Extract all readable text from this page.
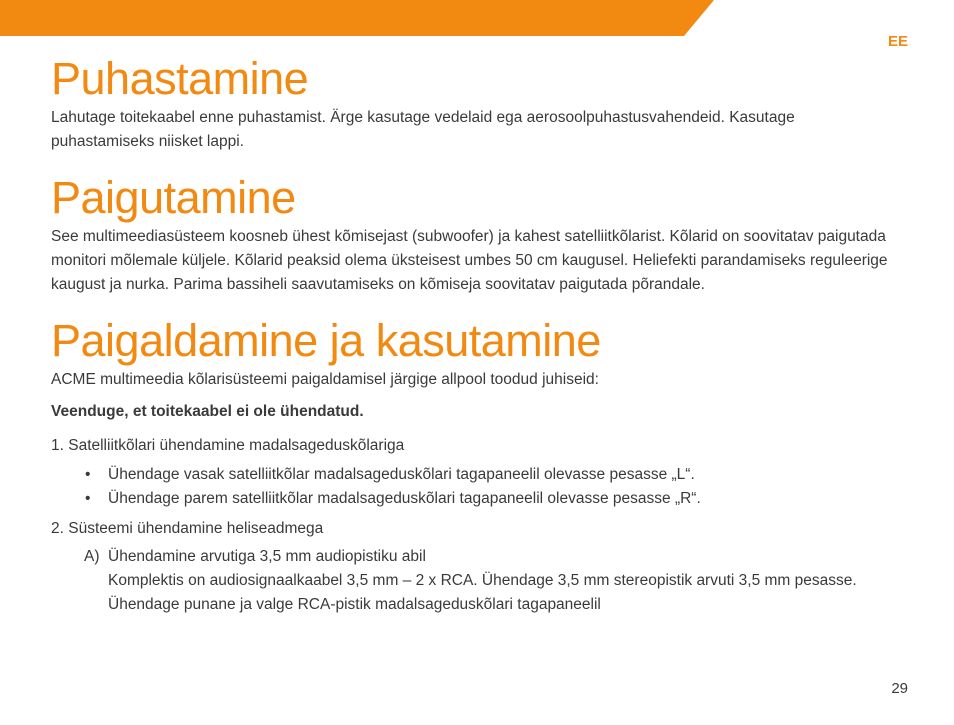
EE
Puhastamine

Lahutage toitekaabel enne puhastamist. Ärge kasutage vedelaid ega aerosoolpuhastusvahendeid. Kasutage puhastamiseks niisket lappi.

Paigutamine

See multimeediasüsteem koosneb ühest kõmisejast (subwoofer) ja kahest satelliitkõlarist. Kõlarid on soovitatav paigutada monitori mõlemale küljele. Kõlarid peaksid olema üksteisest umbes 50 cm kaugusel. Heliefekti parandamiseks reguleerige kaugust ja nurka. Parima bassiheli saavutamiseks on kõmiseja soovitatav paigutada põrandale.

Paigaldamine ja kasutamine

ACME multimeedia kõlarisüsteemi paigaldamisel järgige allpool toodud juhiseid:

Veenduge, et toitekaabel ei ole ühendatud.

1. Satelliitkõlari ühendamine madalsageduskõlariga

• Ühendage vasak satelliitkõlar madalsageduskõlari tagapaneelil olevasse pesasse „L“.
• Ühendage parem satelliitkõlar madalsageduskõlari tagapaneelil olevasse pesasse „R“.

2. Süsteemi ühendamine heliseadmega

A) Ühendamine arvutiga 3,5 mm audiopistiku abil
Komplektis on audiosignaalkaabel 3,5 mm – 2 x RCA. Ühendage 3,5 mm stereopistik arvuti 3,5 mm pesasse. Ühendage punane ja valge RCA-pistik madalsageduskõlari tagapaneelil
29
